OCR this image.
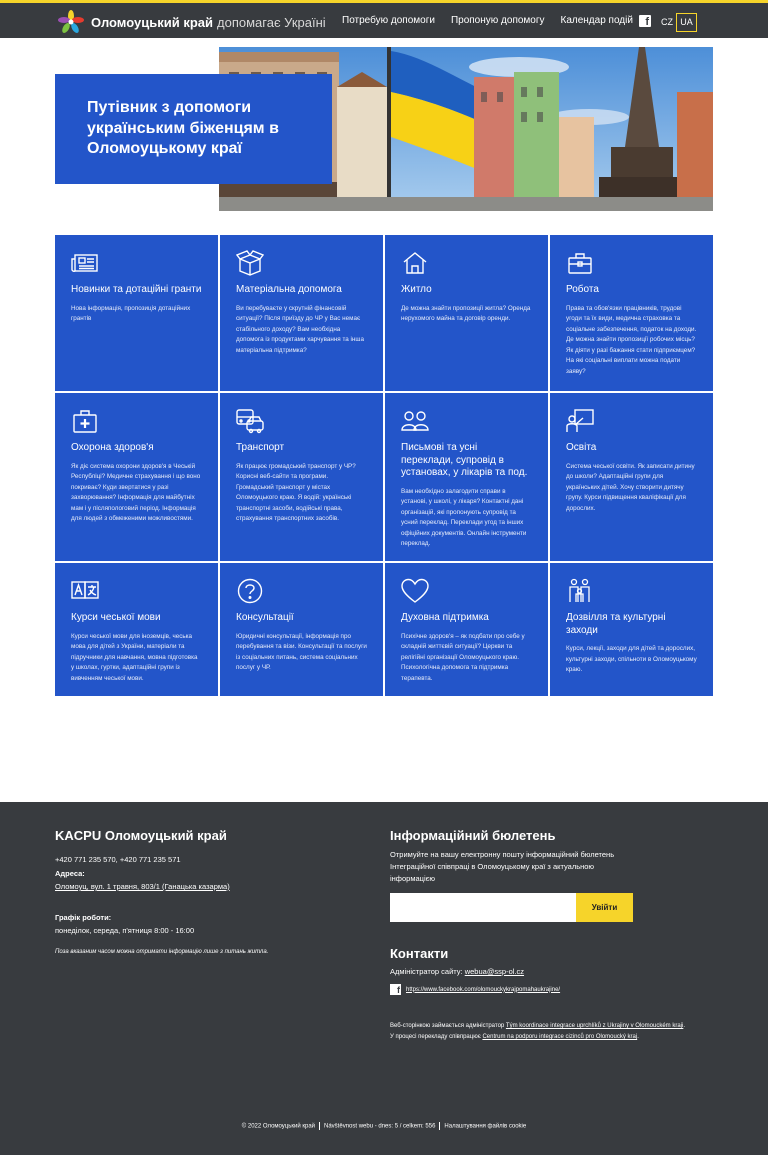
Оломоуцький край допомагає Україні Потребую допомоги Пропоную допомогу Календар подій	f CZ UA
Путівник з допомоги українським біженцям в Оломоуцькому краї
Новинки та дотаційні гранти

Нова інформація, пропозиція дотаційних грантів

Матеріальна допомога

Ви перебуваєте у скрутній фінансовій ситуації? Після приїзду до ЧР у Вас немає стабільного доходу? Вам необхідна допомога із продуктами харчування та інша матеріальна підтримка?

Житло

Де можна знайти пропозиції житла? Оренда нерухомого майна та договір оренди.

Робота

Права та обов'язки працівників, трудові угоди та їх види, медична страховка та соціальне забезпечення, податок на доходи. Де можна знайти пропозиції робочих місць? Як діяти у разі бажання стати підприємцем? На які соціальні виплати можна подати заяву?

Охорона здоров'я

Як діє система охорони здоров'я в Чеській Республіці? Медичне страхування і що воно покриває? Куди звертатися у разі захворювання? Інформація для майбутніх мам і у післяпологовий період. Інформація для людей з обмеженими можливостями.

Транспорт

Як працює громадський транспорт у ЧР? Корисні веб-сайти та програми. Громадський транспорт у містах Оломоуцького краю. Я водій: українські транспортні засоби, водійські права, страхування транспортних засобів.

Письмові та усні переклади, супровід в установах, у лікарів та под.

Вам необхідно залагодити справи в установі, у школі, у лікаря? Контактні дані організацій, які пропонують супровід та усний переклад. Переклади угод та інших офіційних документів. Онлайн інструменти переклад.

Освіта

Система чеської освіти. Як записати дитину до школи? Адаптаційні групи для українських дітей. Хочу створити дитячу групу. Курси підвищення кваліфікації для дорослих.

Курси чеської мови

Курси чеської мови для іноземців, чеська мова для дітей з України, матеріали та підручники для навчання, мовна підготовка у школах, гуртки, адаптаційні групи із вивченням чеської мови.

Консультації

Юридичні консультації, інформація про перебування та візи. Консультації та послуги із соціальних питань, система соціальних послуг у ЧР.

Духовна підтримка

Психічне здоров'я – як подбати про себе у складній життєвій ситуації? Церкви та релігійні організації Оломоуцького краю. Психологічна допомога та підтримка терапевта.

Дозвілля та культурні заходи

Курси, лекції, заходи для дітей та дорослих, культурні заходи, спільноти в Оломоуцькому краю.

KACPU Оломоуцький край
+420 771 235 570, +420 771 235 571
Адреса:
Оломоуц, вул. 1 травня, 803/1 (Ганацька казарма)
Графік роботи:
понеділок, середа, п'ятниця 8:00 - 16:00
Поза вказаним часом можна отримати інформацію лише з питань житла.
Інформаційний бюлетень
Отримуйте на вашу електронну пошту інформаційний бюлетень Інтеграційної співпраці в Оломоуцькому краї з актуальною інформацією
Увійти
Контакти
Адміністратор сайту: webua@ssp-ol.cz
f https://www.facebook.com/olomouckykrajpomahaukrajine/
Веб-сторінкою займається адміністратор Tým koordinace integrace uprchlíků z Ukrajiny v Olomouckém kraji.
У процесі перекладу співпрацює Centrum na podporu integrace cizinců pro Olomoucký kraj.
© 2022 Оломоуцький край Návštěvnost webu - dnes: 5 / celkem: 556 Налаштування файлів cookie
